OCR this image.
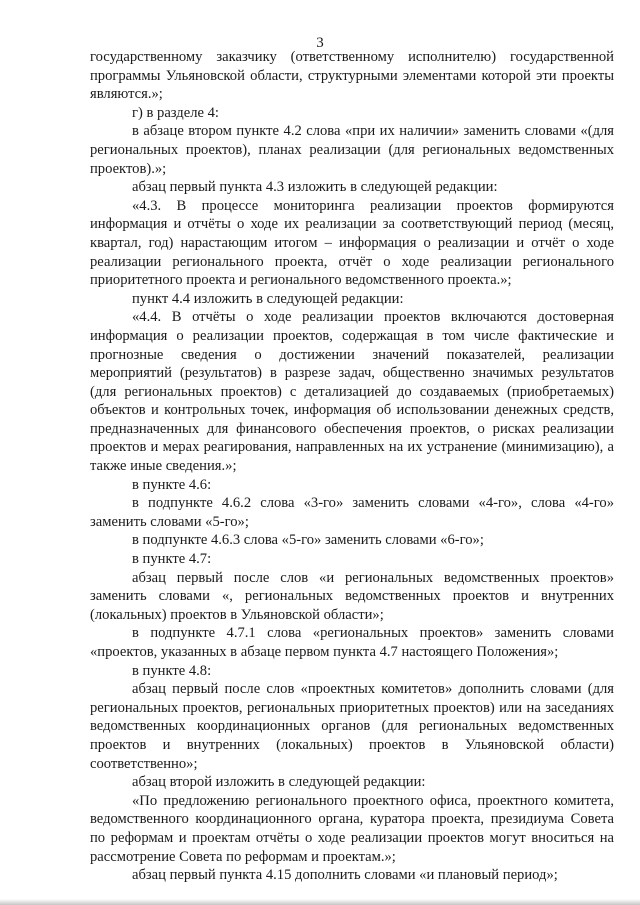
3

государственному заказчику (ответственному исполнителю) государственной программы Ульяновской области, структурными элементами которой эти проекты являются.»;

г) в разделе 4:

в абзаце втором пункте 4.2 слова «при их наличии» заменить словами «(для региональных проектов), планах реализации (для региональных ведомственных проектов).»;

абзац первый пункта 4.3 изложить в следующей редакции:

«4.3. В процессе мониторинга реализации проектов формируются информация и отчёты о ходе их реализации за соответствующий период (месяц, квартал, год) нарастающим итогом – информация о реализации и отчёт о ходе реализации регионального проекта, отчёт о ходе реализации регионального приоритетного проекта и регионального ведомственного проекта.»;

пункт 4.4 изложить в следующей редакции:

«4.4. В отчёты о ходе реализации проектов включаются достоверная информация о реализации проектов, содержащая в том числе фактические и прогнозные сведения о достижении значений показателей, реализации мероприятий (результатов) в разрезе задач, общественно значимых результатов (для региональных проектов) с детализацией до создаваемых (приобретаемых) объектов и контрольных точек, информация об использовании денежных средств, предназначенных для финансового обеспечения проектов, о рисках реализации проектов и мерах реагирования, направленных на их устранение (минимизацию), а также иные сведения.»;

в пункте 4.6:

в подпункте 4.6.2 слова «3-го» заменить словами «4-го», слова «4-го» заменить словами «5-го»;

в подпункте 4.6.3 слова «5-го» заменить словами «6-го»;

в пункте 4.7:

абзац первый после слов «и региональных ведомственных проектов» заменить словами «, региональных ведомственных проектов и внутренних (локальных) проектов в Ульяновской области»;

в подпункте 4.7.1 слова «региональных проектов» заменить словами «проектов, указанных в абзаце первом пункта 4.7 настоящего Положения»;

в пункте 4.8:

абзац первый после слов «проектных комитетов» дополнить словами (для региональных проектов, региональных приоритетных проектов) или на заседаниях ведомственных координационных органов (для региональных ведомственных проектов и внутренних (локальных) проектов в Ульяновской области) соответственно»;

абзац второй изложить в следующей редакции:

«По предложению регионального проектного офиса, проектного комитета, ведомственного координационного органа, куратора проекта, президиума Совета по реформам и проектам отчёты о ходе реализации проектов могут вноситься на рассмотрение Совета по реформам и проектам.»;

абзац первый пункта 4.15 дополнить словами «и плановый период»;
